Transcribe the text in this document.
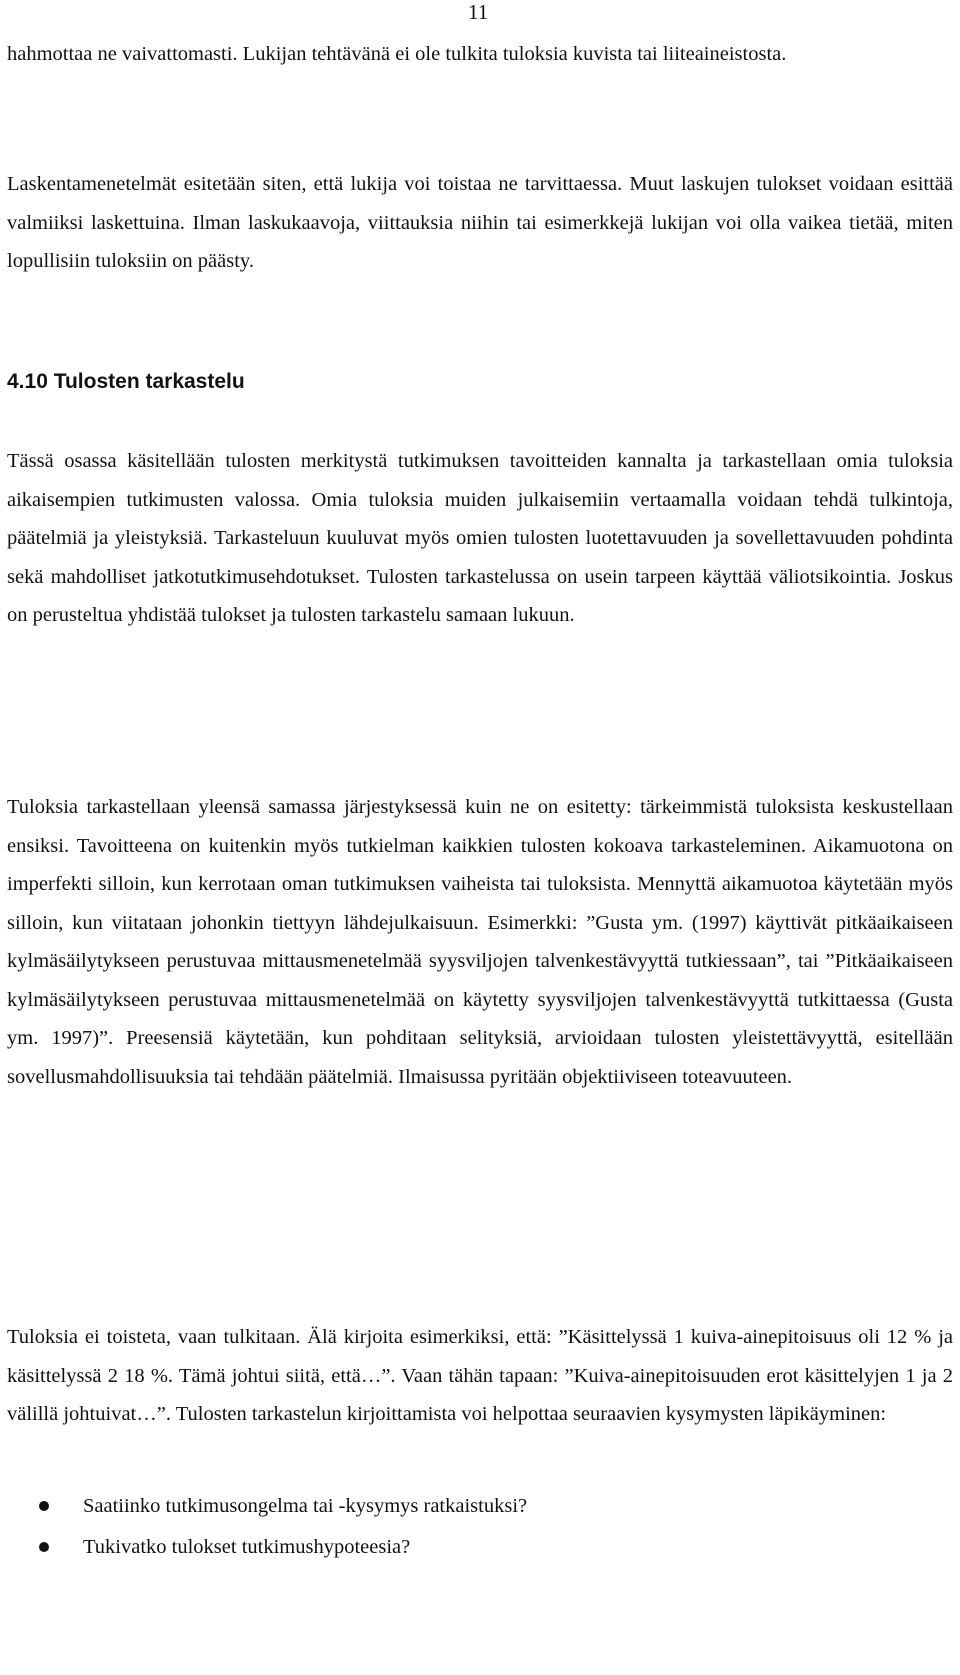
11

hahmottaa ne vaivattomasti. Lukijan tehtävänä ei ole tulkita tuloksia kuvista tai liiteaineistosta.

Laskentamenetelmät esitetään siten, että lukija voi toistaa ne tarvittaessa. Muut laskujen tulokset voidaan esittää valmiiksi laskettuina. Ilman laskukaavoja, viittauksia niihin tai esimerkkejä lukijan voi olla vaikea tietää, miten lopullisiin tuloksiin on päästy.

4.10 Tulosten tarkastelu

Tässä osassa käsitellään tulosten merkitystä tutkimuksen tavoitteiden kannalta ja tarkastellaan omia tuloksia aikaisempien tutkimusten valossa. Omia tuloksia muiden julkaisemiin vertaamalla voidaan tehdä tulkintoja, päätelmiä ja yleistyksiä. Tarkasteluun kuuluvat myös omien tulosten luotettavuuden ja sovellettavuuden pohdinta sekä mahdolliset jatkotutkimusehdotukset. Tulosten tarkastelussa on usein tarpeen käyttää väliotsikointia. Joskus on perusteltua yhdistää tulokset ja tulosten tarkastelu samaan lukuun.

Tuloksia tarkastellaan yleensä samassa järjestyksessä kuin ne on esitetty: tärkeimmistä tuloksista keskustellaan ensiksi. Tavoitteena on kuitenkin myös tutkielman kaikkien tulosten kokoava tarkasteleminen. Aikamuotona on imperfekti silloin, kun kerrotaan oman tutkimuksen vaiheista tai tuloksista. Mennyttä aikamuotoa käytetään myös silloin, kun viitataan johonkin tiettyyn lähdejulkaisuun. Esimerkki: ”Gusta ym. (1997) käyttivät pitkäaikaiseen kylmäsäilytykseen perustuvaa mittausmenetelmää syysviljojen talvenkestävyyttä tutkiessaan”, tai ”Pitkäaikaiseen kylmäsäilytykseen perustuvaa mittausmenetelmää on käytetty syysviljojen talvenkestävyyttä tutkittaessa (Gusta ym. 1997)”. Preesensiä käytetään, kun pohditaan selityksiä, arvioidaan tulosten yleistettävyyttä, esitellään sovellusmahdollisuuksia tai tehdään päätelmiä. Ilmaisussa pyritään objektiiviseen toteavuuteen.

Tuloksia ei toisteta, vaan tulkitaan. Älä kirjoita esimerkiksi, että: ”Käsittelyssä 1 kuiva-ainepitoisuus oli 12 % ja käsittelyssä 2 18 %. Tämä johtui siitä, että…”. Vaan tähän tapaan: ”Kuiva-ainepitoisuuden erot käsittelyjen 1 ja 2 välillä johtuivat…”. Tulosten tarkastelun kirjoittamista voi helpottaa seuraavien kysymysten läpikäyminen:

Saatiinko tutkimusongelma tai -kysymys ratkaistuksi?
Tukivatko tulokset tutkimushypoteesia?
